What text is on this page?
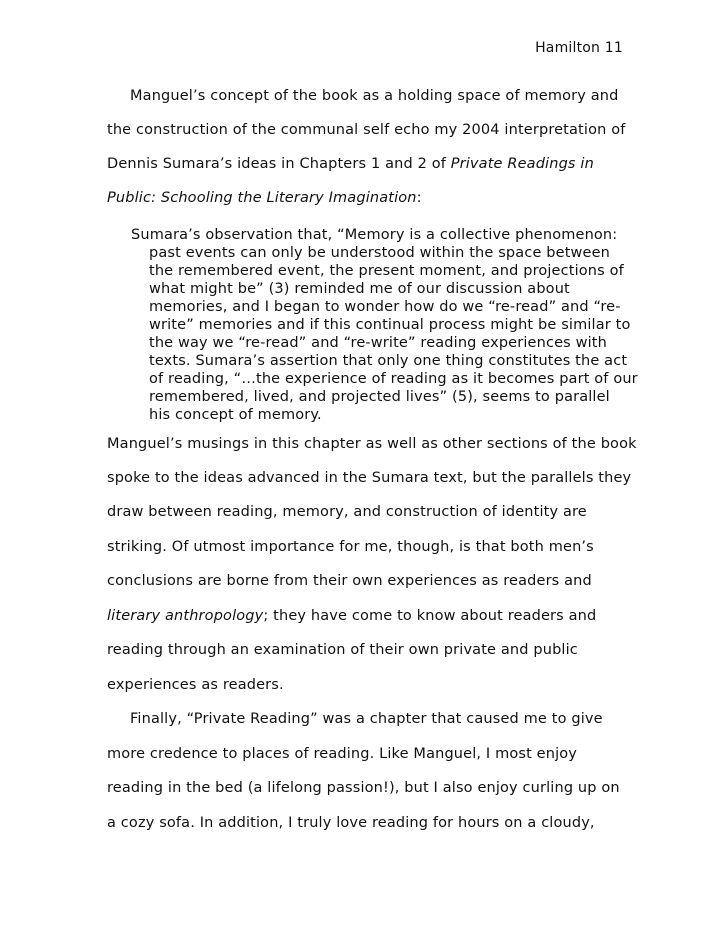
Hamilton 11
Manguel’s concept of the book as a holding space of memory and
the construction of the communal self echo my 2004 interpretation of
Dennis Sumara’s ideas in Chapters 1 and 2 of Private Readings in
Public: Schooling the Literary Imagination:
Sumara’s observation that, “Memory is a collective phenomenon:
past events can only be understood within the space between
the remembered event, the present moment, and projections of
what might be” (3) reminded me of our discussion about
memories, and I began to wonder how do we “re-read” and “re-
write” memories and if this continual process might be similar to
the way we “re-read” and “re-write” reading experiences with
texts. Sumara’s assertion that only one thing constitutes the act
of reading, “…the experience of reading as it becomes part of our
remembered, lived, and projected lives” (5), seems to parallel
his concept of memory.
Manguel’s musings in this chapter as well as other sections of the book
spoke to the ideas advanced in the Sumara text, but the parallels they
draw between reading, memory, and construction of identity are
striking. Of utmost importance for me, though, is that both men’s
conclusions are borne from their own experiences as readers and
literary anthropology; they have come to know about readers and
reading through an examination of their own private and public
experiences as readers.
Finally, “Private Reading” was a chapter that caused me to give
more credence to places of reading. Like Manguel, I most enjoy
reading in the bed (a lifelong passion!), but I also enjoy curling up on
a cozy sofa. In addition, I truly love reading for hours on a cloudy,
